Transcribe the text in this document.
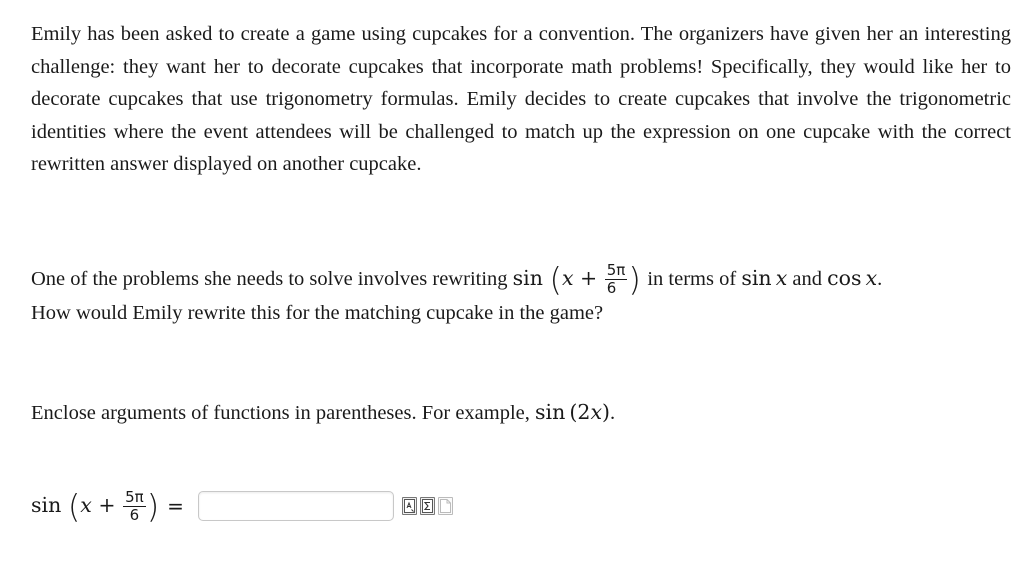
Emily has been asked to create a game using cupcakes for a convention. The organizers have given her an interesting challenge: they want her to decorate cupcakes that incorporate math problems! Specifically, they would like her to decorate cupcakes that use trigonometry formulas. Emily decides to create cupcakes that involve the trigonometric identities where the event attendees will be challenged to match up the expression on one cupcake with the correct rewritten answer displayed on another cupcake.

One of the problems she needs to solve involves rewriting $\sin (x + \frac{5\pi}{6}$ ) in terms of sin  x and cos  x.
How would Emily rewrite this for the matching cupcake in the game?

Enclose arguments of functions in parentheses. For example, sin (2x).

$\sin (x + \frac{5\pi}{6}$ ) =
